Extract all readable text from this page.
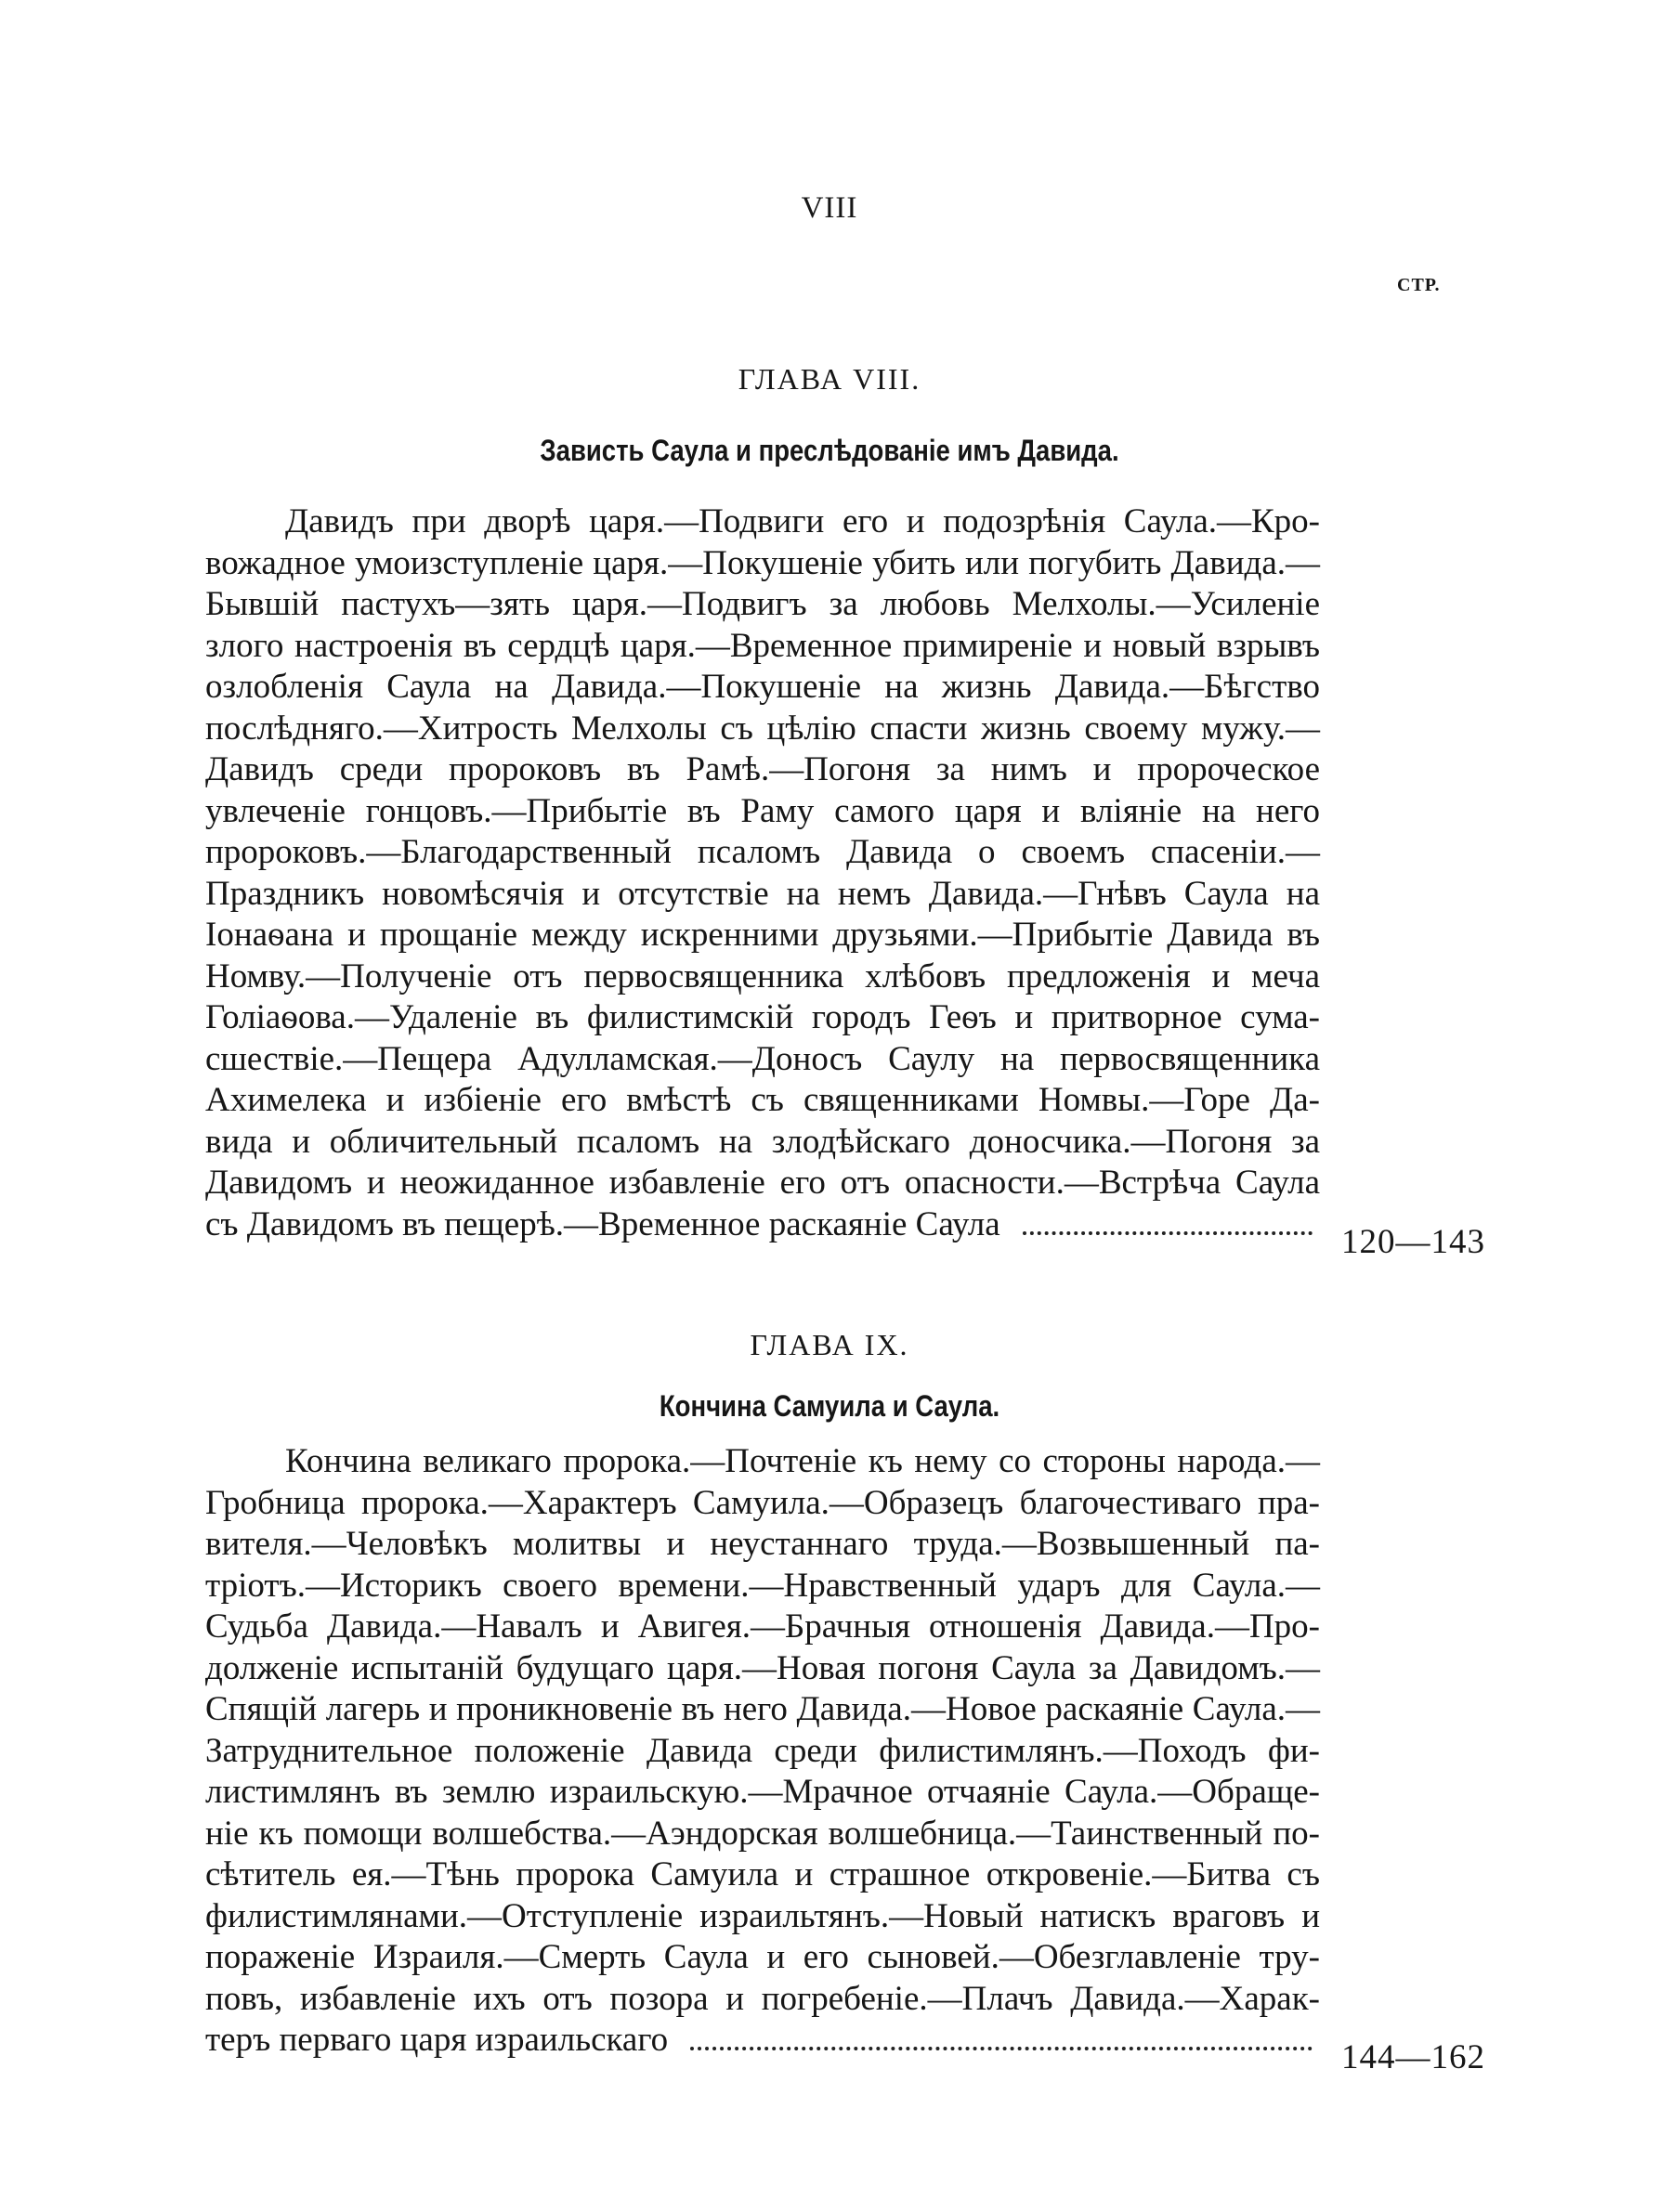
VIII
СТР.
ГЛАВА VIII.
Зависть Саула и преслѣдованіе имъ Давида.
Давидъ при дворѣ царя.—Подвиги его и подозрѣнія Саула.—Кро-
вожадное умоизступленіе царя.—Покушеніе убить или погубить Давида.—
Бывшій пастухъ—зять царя.—Подвигъ за любовь Мелхолы.—Усиленіе
злого настроенія въ сердцѣ царя.—Временное примиреніе и новый взрывъ
озлобленія Саула на Давида.—Покушеніе на жизнь Давида.—Бѣгство
послѣдняго.—Хитрость Мелхолы съ цѣлію спасти жизнь своему мужу.—
Давидъ среди пророковъ въ Рамѣ.—Погоня за нимъ и пророческое
увлеченіе гонцовъ.—Прибытіе въ Раму самого царя и вліяніе на него
пророковъ.—Благодарственный псаломъ Давида о своемъ спасеніи.—
Праздникъ новомѣсячія и отсутствіе на немъ Давида.—Гнѣвъ Саула на
Іонаѳана и прощаніе между искренними друзьями.—Прибытіе Давида въ
Номву.—Полученіе отъ первосвященника хлѣбовъ предложенія и меча
Голіаѳова.—Удаленіе въ филистимскій городъ Геѳъ и притворное сума-
сшествіе.—Пещера Адулламская.—Доносъ Саулу на первосвященника
Ахимелека и избіеніе его вмѣстѣ съ священниками Номвы.—Горе Да-
вида и обличительный псаломъ на злодѣйскаго доносчика.—Погоня за
Давидомъ и неожиданное избавленіе его отъ опасности.—Встрѣча Саула
съ Давидомъ въ пещерѣ.—Временное раскаяніе Саула	120—143
ГЛАВА IX.
Кончина Самуила и Саула.
Кончина великаго пророка.—Почтеніе къ нему со стороны народа.—
Гробница пророка.—Характеръ Самуила.—Образецъ благочестиваго пра-
вителя.—Человѣкъ молитвы и неустаннаго труда.—Возвышенный па-
тріотъ.—Историкъ своего времени.—Нравственный ударъ для Саула.—
Судьба Давида.—Навалъ и Авигея.—Брачныя отношенія Давида.—Про-
долженіе испытаній будущаго царя.—Новая погоня Саула за Давидомъ.—
Спящій лагерь и проникновеніе въ него Давида.—Новое раскаяніе Саула.—
Затруднительное положеніе Давида среди филистимлянъ.—Походъ фи-
листимлянъ въ землю израильскую.—Мрачное отчаяніе Саула.—Обраще-
ніе къ помощи волшебства.—Аэндорская волшебница.—Таинственный по-
сѣтитель ея.—Тѣнь пророка Самуила и страшное откровеніе.—Битва съ
филистимлянами.—Отступленіе израильтянъ.—Новый натискъ враговъ и
пораженіе Израиля.—Смерть Саула и его сыновей.—Обезглавленіе тру-
повъ, избавленіе ихъ отъ позора и погребеніе.—Плачъ Давида.—Харак-
теръ перваго царя израильскаго	144—162
